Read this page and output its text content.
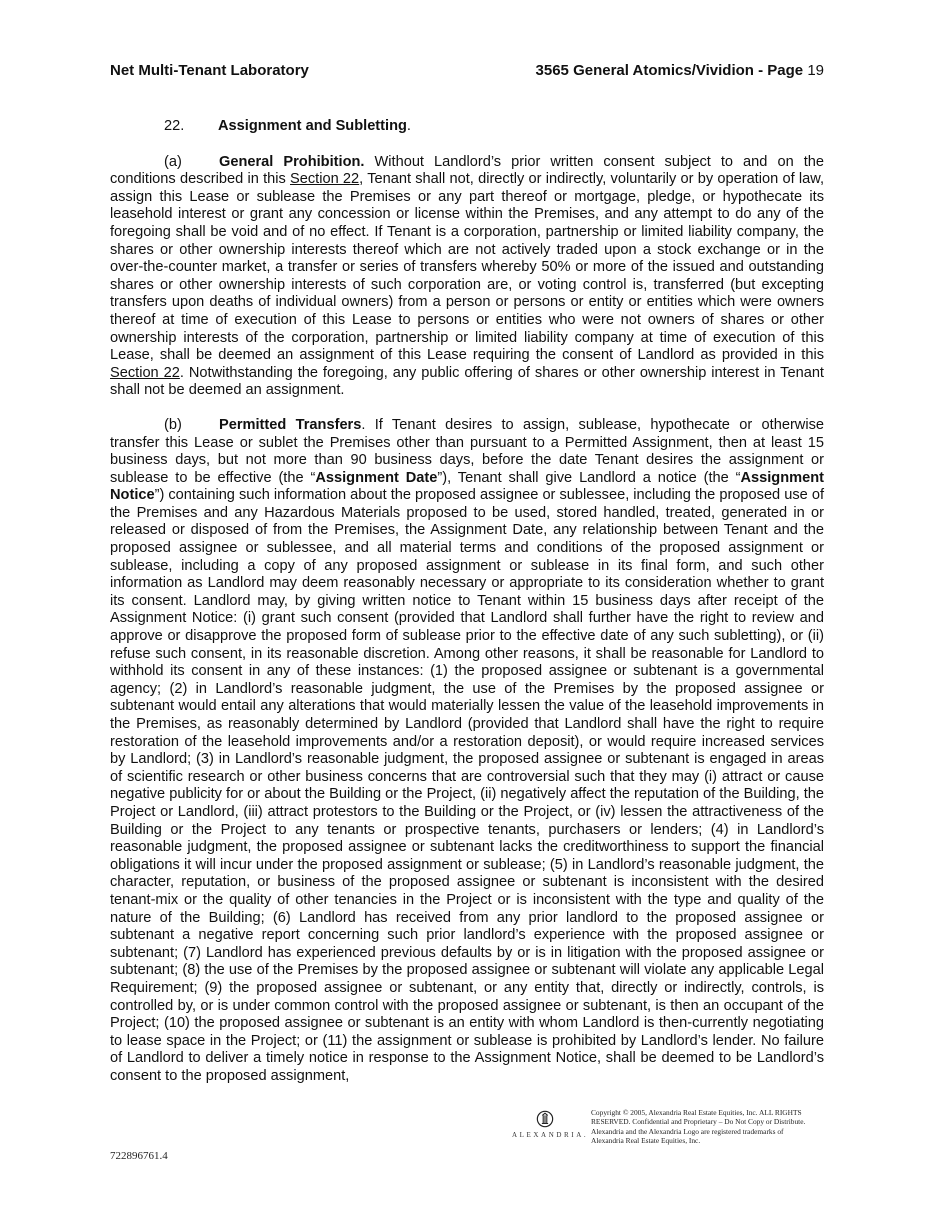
Net Multi-Tenant Laboratory	3565 General Atomics/Vividion - Page 19
22. Assignment and Subletting.

(a)	General Prohibition. Without Landlord’s prior written consent subject to and on the conditions described in this Section 22, Tenant shall not, directly or indirectly, voluntarily or by operation of law, assign this Lease or sublease the Premises or any part thereof or mortgage, pledge, or hypothecate its leasehold interest or grant any concession or license within the Premises, and any attempt to do any of the foregoing shall be void and of no effect. If Tenant is a corporation, partnership or limited liability company, the shares or other ownership interests thereof which are not actively traded upon a stock exchange or in the over-the-counter market, a transfer or series of transfers whereby 50% or more of the issued and outstanding shares or other ownership interests of such corporation are, or voting control is, transferred (but excepting transfers upon deaths of individual owners) from a person or persons or entity or entities which were owners thereof at time of execution of this Lease to persons or entities who were not owners of shares or other ownership interests of the corporation, partnership or limited liability company at time of execution of this Lease, shall be deemed an assignment of this Lease requiring the consent of Landlord as provided in this Section 22. Notwithstanding the foregoing, any public offering of shares or other ownership interest in Tenant shall not be deemed an assignment.

(b)	Permitted Transfers. If Tenant desires to assign, sublease, hypothecate or otherwise transfer this Lease or sublet the Premises other than pursuant to a Permitted Assignment, then at least 15 business days, but not more than 90 business days, before the date Tenant desires the assignment or sublease to be effective (the “Assignment Date”), Tenant shall give Landlord a notice (the “Assignment Notice”) containing such information about the proposed assignee or sublessee, including the proposed use of the Premises and any Hazardous Materials proposed to be used, stored handled, treated, generated in or released or disposed of from the Premises, the Assignment Date, any relationship between Tenant and the proposed assignee or sublessee, and all material terms and conditions of the proposed assignment or sublease, including a copy of any proposed assignment or sublease in its final form, and such other information as Landlord may deem reasonably necessary or appropriate to its consideration whether to grant its consent. Landlord may, by giving written notice to Tenant within 15 business days after receipt of the Assignment Notice: (i) grant such consent (provided that Landlord shall further have the right to review and approve or disapprove the proposed form of sublease prior to the effective date of any such subletting), or (ii) refuse such consent, in its reasonable discretion. Among other reasons, it shall be reasonable for Landlord to withhold its consent in any of these instances: (1) the proposed assignee or subtenant is a governmental agency; (2) in Landlord’s reasonable judgment, the use of the Premises by the proposed assignee or subtenant would entail any alterations that would materially lessen the value of the leasehold improvements in the Premises, as reasonably determined by Landlord (provided that Landlord shall have the right to require restoration of the leasehold improvements and/or a restoration deposit), or would require increased services by Landlord; (3) in Landlord’s reasonable judgment, the proposed assignee or subtenant is engaged in areas of scientific research or other business concerns that are controversial such that they may (i) attract or cause negative publicity for or about the Building or the Project, (ii) negatively affect the reputation of the Building, the Project or Landlord, (iii) attract protestors to the Building or the Project, or (iv) lessen the attractiveness of the Building or the Project to any tenants or prospective tenants, purchasers or lenders; (4) in Landlord’s reasonable judgment, the proposed assignee or subtenant lacks the creditworthiness to support the financial obligations it will incur under the proposed assignment or sublease; (5) in Landlord’s reasonable judgment, the character, reputation, or business of the proposed assignee or subtenant is inconsistent with the desired tenant-mix or the quality of other tenancies in the Project or is inconsistent with the type and quality of the nature of the Building; (6) Landlord has received from any prior landlord to the proposed assignee or subtenant a negative report concerning such prior landlord’s experience with the proposed assignee or subtenant; (7) Landlord has experienced previous defaults by or is in litigation with the proposed assignee or subtenant; (8) the use of the Premises by the proposed assignee or subtenant will violate any applicable Legal Requirement; (9) the proposed assignee or subtenant, or any entity that, directly or indirectly, controls, is controlled by, or is under common control with the proposed assignee or subtenant, is then an occupant of the Project; (10) the proposed assignee or subtenant is an entity with whom Landlord is then-currently negotiating to lease space in the Project; or (11) the assignment or sublease is prohibited by Landlord’s lender. No failure of Landlord to deliver a timely notice in response to the Assignment Notice, shall be deemed to be Landlord’s consent to the proposed assignment,

ALEXANDRIA.
Copyright © 2005, Alexandria Real Estate Equities, Inc. ALL RIGHTS RESERVED. Confidential and Proprietary – Do Not Copy or Distribute. Alexandria and the Alexandria Logo are registered trademarks of Alexandria Real Estate Equities, Inc.
722896761.4
